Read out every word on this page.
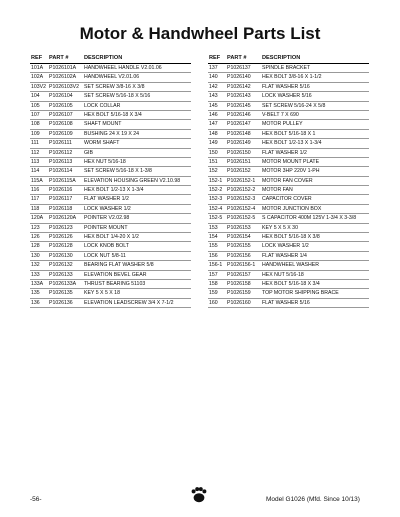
Motor & Handwheel Parts List
REF	PART #	DESCRIPTION
101A	P1026101A	HANDWHEEL HANDLE V2.01.06
102A	P1026102A	HANDWHEEL V2.01.06
103V2 P1026103V2 SET SCREW 3/8-16 X 3/8
104	P1026104	SET SCREW 5/16-18 X 5/16
105	P1026105	LOCK COLLAR
107	P1026107	HEX BOLT 5/16-18 X 3/4
108	P1026108	SHAFT MOUNT
109	P1026109	BUSHING 24 X 19 X 24
111	P1026111	WORM SHAFT
112	P1026112	GIB
113	P1026113	HEX NUT 5/16-18
114	P1026114	SET SCREW 5/16-18 X 1-3/8
115A	P1026115A	ELEVATION HOUSING GREEN V2.10.98
116	P1026116	HEX BOLT 1/2-13 X 1-3/4
117	P1026117	FLAT WASHER 1/2
118	P1026118	LOCK WASHER 1/2
120A	P1026120A	POINTER V2.02.98
123	P1026123	POINTER MOUNT
126	P1026126	HEX BOLT 1/4-20 X 1/2
128	P1026128	LOCK KNOB BOLT
130	P1026130	LOCK NUT 5/8-11
132	P1026132	BEARING FLAT WASHER 5/8
133	P1026133	ELEVATION BEVEL GEAR
133A	P1026133A	THRUST BEARING 51103
135	P1026135	KEY 5 X 5 X 18
136	P1026136	ELEVATION LEADSCREW 3/4 X 7-1/2
REF	PART #	DESCRIPTION
137	P1026137	SPINDLE BRACKET
140	P1026140	HEX BOLT 3/8-16 X 1-1/2
142	P1026142	FLAT WASHER 5/16
143	P1026143	LOCK WASHER 5/16
145	P1026145	SET SCREW 5/16-24 X 5/8
146	P1026146	V-BELT 7 X 690
147	P1026147	MOTOR PULLEY
148	P1026148	HEX BOLT 5/16-18 X 1
149	P1026149	HEX BOLT 1/2-13 X 1-3/4
150	P1026150	FLAT WASHER 1/2
151	P1026151	MOTOR MOUNT PLATE
152	P1026152	MOTOR 3HP 220V 1-PH
152-1 P1026152-1	MOTOR FAN COVER
152-2 P1026152-2	MOTOR FAN
152-3 P1026152-3	CAPACITOR COVER
152-4 P1026152-4	MOTOR JUNCTION BOX
152-5 P1026152-5	S CAPACITOR 400M 125V 1-3/4 X 3-3/8
153	P1026153	KEY 5 X 5 X 30
154	P1026154	HEX BOLT 5/16-18 X 3/8
155	P1026155	LOCK WASHER 1/2
156	P1026156	FLAT WASHER 1/4
156-1 P1026156-1	HANDWHEEL WASHER
157	P1026157	HEX NUT 5/16-18
158	P1026158	HEX BOLT 5/16-18 X 3/4
159	P1026159	TOP MOTOR SHIPPING BRACE
160	P1026160	FLAT WASHER 5/16
-56-	Model G1026 (Mfd. Since 10/13)
